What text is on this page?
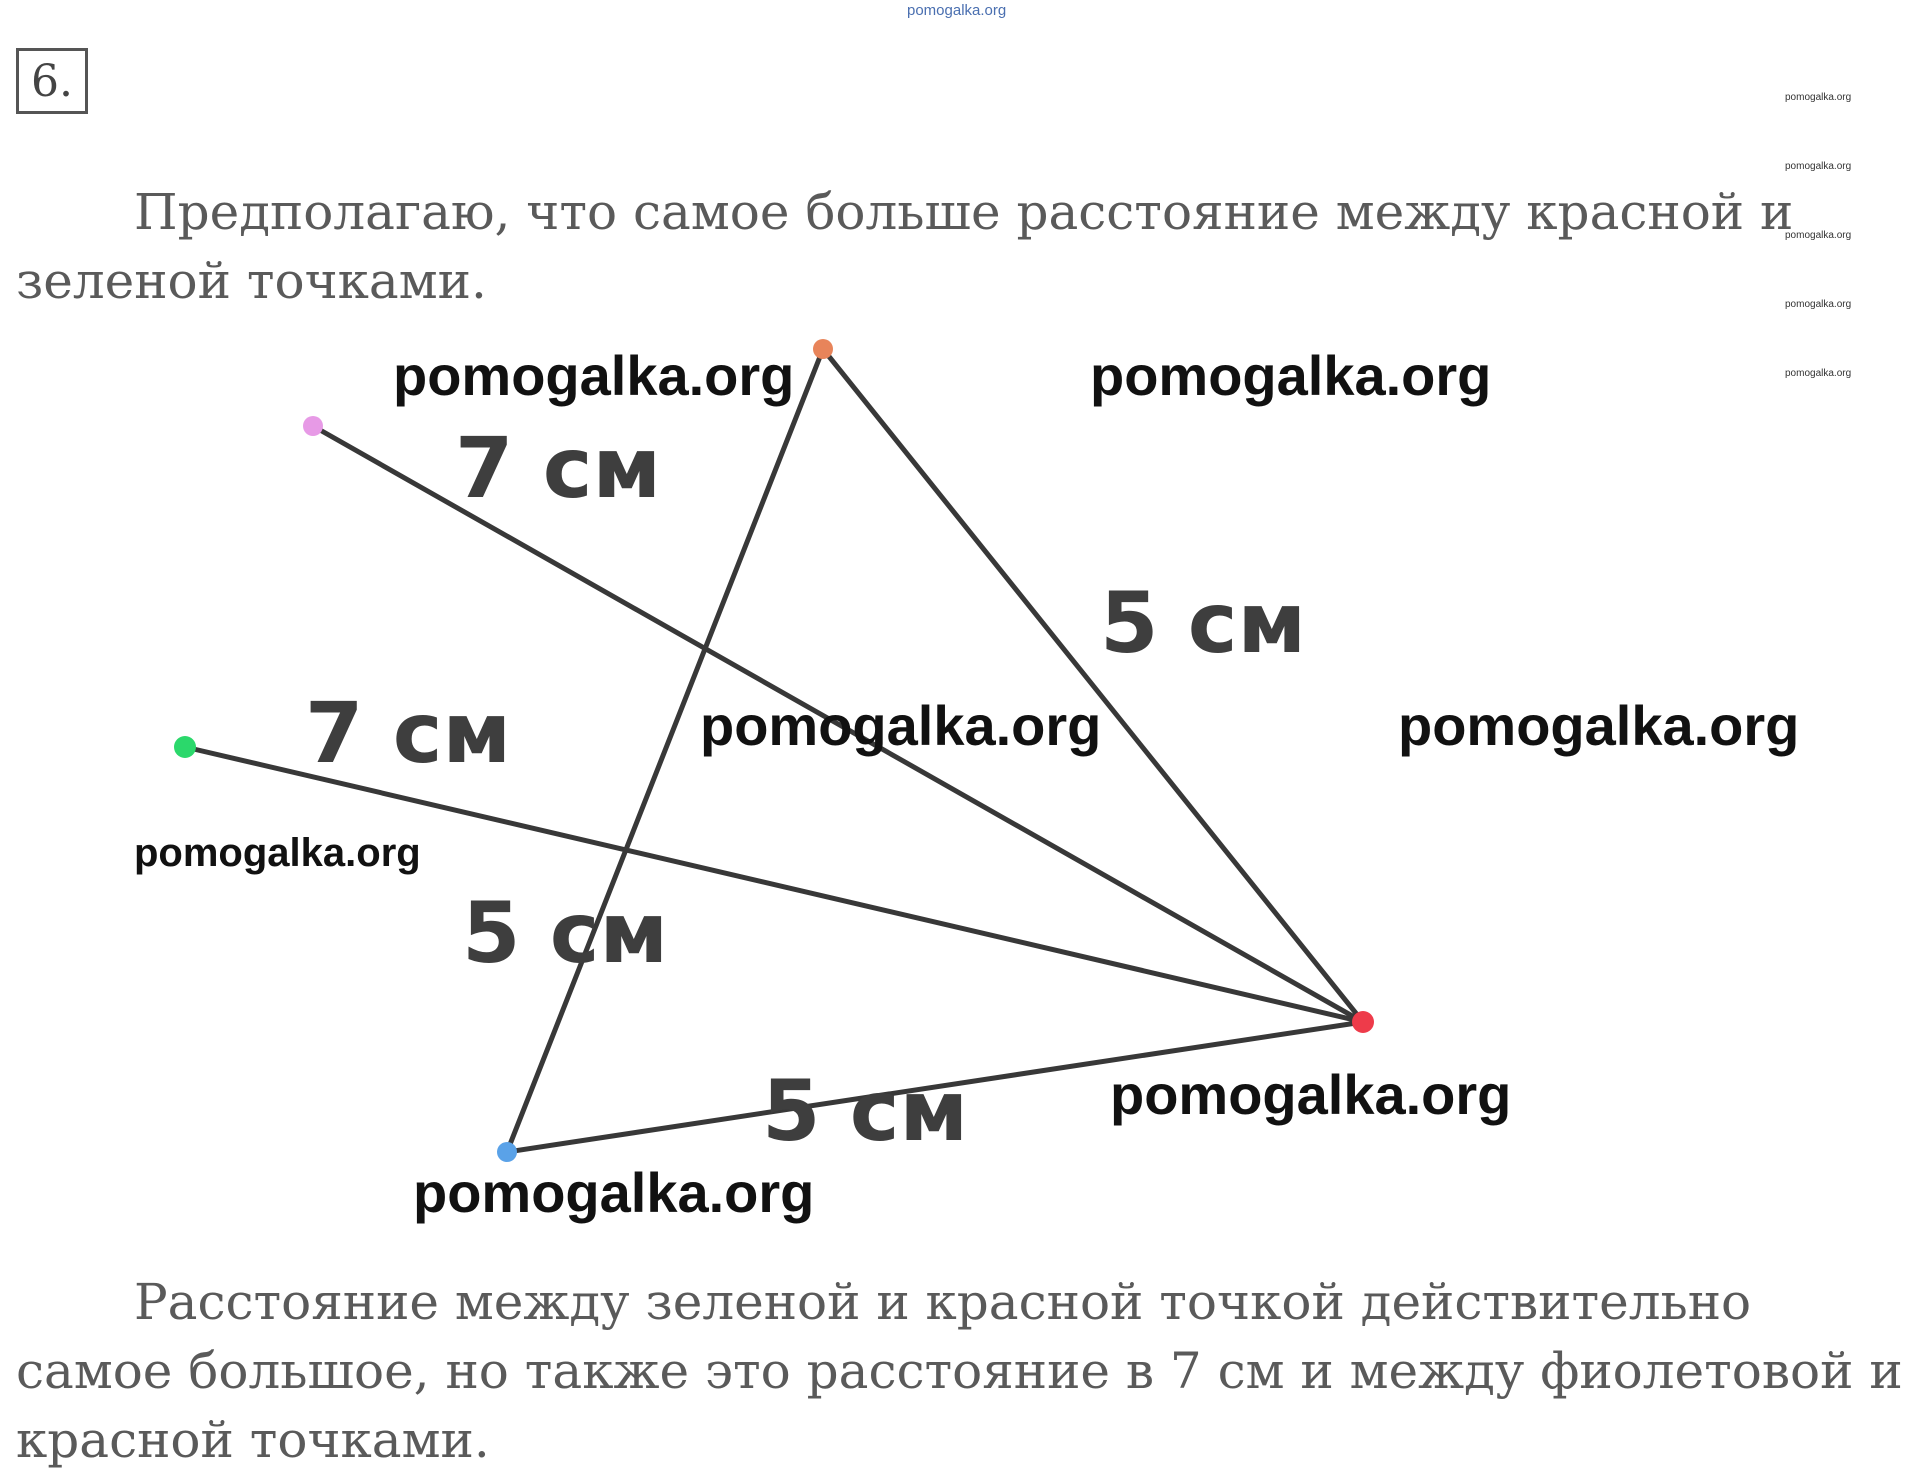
pomogalka.org
6.	pomogalka.org
pomogalka.org
pomogalka.org
pomogalka.org
pomogalka.org

Предполагаю, что самое больше расстояние между красной и зеленой точками.

7 см
5 см
7 см
5 см
5 см
pomogalka.org	pomogalka.org
pomogalka.org	pomogalka.org
pomogalka.org
pomogalka.org
pomogalka.org

Расстояние между зеленой и красной точкой действительно самое большое, но также это расстояние в 7 см и между фиолетовой и красной точками.
